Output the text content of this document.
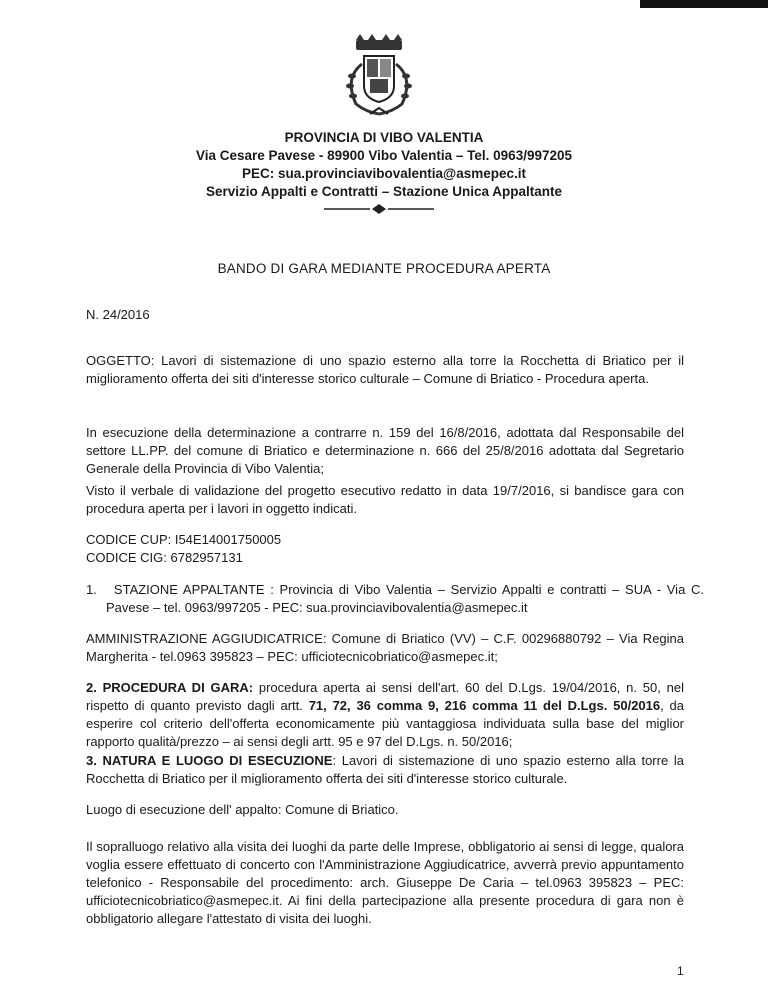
PROVINCIA DI VIBO VALENTIA
Via Cesare Pavese - 89900 Vibo Valentia – Tel. 0963/997205
PEC: sua.provinciavibovalentia@asmepec.it
Servizio Appalti e Contratti – Stazione Unica Appaltante
BANDO DI GARA MEDIANTE PROCEDURA APERTA
N. 24/2016
OGGETTO: Lavori di sistemazione di uno spazio esterno alla torre la Rocchetta di Briatico per il miglioramento offerta dei siti d'interesse storico culturale – Comune di Briatico - Procedura aperta.
In esecuzione della determinazione a contrarre n. 159 del 16/8/2016, adottata dal Responsabile del settore LL.PP. del comune di Briatico e determinazione n. 666 del 25/8/2016 adottata dal Segretario Generale della Provincia di Vibo Valentia;
Visto il verbale di validazione del progetto esecutivo redatto in data 19/7/2016, si bandisce gara con procedura aperta per i lavori in oggetto indicati.
CODICE CUP: I54E14001750005
CODICE CIG: 6782957131
1. STAZIONE APPALTANTE : Provincia di Vibo Valentia – Servizio Appalti e contratti – SUA - Via C. Pavese – tel. 0963/997205 - PEC: sua.provinciavibovalentia@asmepec.it
AMMINISTRAZIONE AGGIUDICATRICE: Comune di Briatico (VV) – C.F. 00296880792 – Via Regina Margherita - tel.0963 395823 – PEC: ufficiotecnicobriatico@asmepec.it;
2. PROCEDURA DI GARA: procedura aperta ai sensi dell'art. 60 del D.Lgs. 19/04/2016, n. 50, nel rispetto di quanto previsto dagli artt. 71, 72, 36 comma 9, 216 comma 11 del D.Lgs. 50/2016, da esperire col criterio dell'offerta economicamente più vantaggiosa individuata sulla base del miglior rapporto qualità/prezzo – ai sensi degli artt. 95 e 97 del D.Lgs. n. 50/2016;
3. NATURA E LUOGO DI ESECUZIONE: Lavori di sistemazione di uno spazio esterno alla torre la Rocchetta di Briatico per il miglioramento offerta dei siti d'interesse storico culturale.
Luogo di esecuzione dell' appalto: Comune di Briatico.
Il sopralluogo relativo alla visita dei luoghi da parte delle Imprese, obbligatorio ai sensi di legge, qualora voglia essere effettuato di concerto con l'Amministrazione Aggiudicatrice, avverrà previo appuntamento telefonico - Responsabile del procedimento: arch. Giuseppe De Caria – tel.0963 395823 – PEC: ufficiotecnicobriatico@asmepec.it. Ai fini della partecipazione alla presente procedura di gara non è obbligatorio allegare l'attestato di visita dei luoghi.
1
